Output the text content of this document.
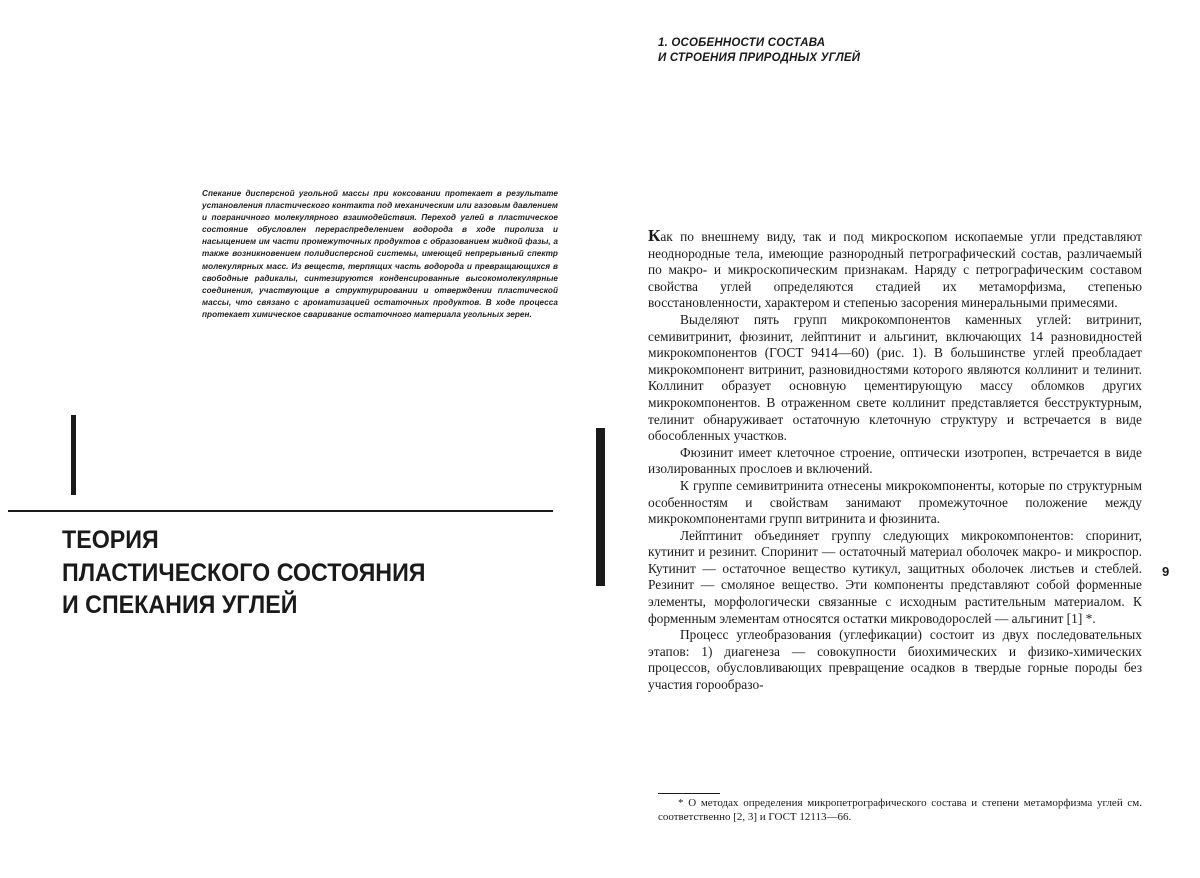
Спекание дисперсной угольной массы при коксовании протекает в результате установления пластического контакта под механическим или газовым давлением и пограничного молекулярного взаимодействия. Переход углей в пластическое состояние обусловлен перераспределением водорода в ходе пиролиза и насыщением им части промежуточных продуктов с образованием жидкой фазы, а также возникновением полидисперсной системы, имеющей непрерывный спектр молекулярных масс. Из веществ, терпящих часть водорода и превращающихся в свободные радикалы, синтезируются конденсированные высокомолекулярные соединения, участвующие в структурировании и отверждении пластической массы, что связано с ароматизацией остаточных продуктов. В ходе процесса протекает химическое сваривание остаточного материала угольных зерен.

ТЕОРИЯ
ПЛАСТИЧЕСКОГО СОСТОЯНИЯ
И СПЕКАНИЯ УГЛЕЙ
1. ОСОБЕННОСТИ СОСТАВА
И СТРОЕНИЯ ПРИРОДНЫХ УГЛЕЙ

Как по внешнему виду, так и под микроскопом ископаемые угли представляют неоднородные тела, имеющие разнородный петрографический состав, различаемый по макро- и микроскопическим признакам. Наряду с петрографическим составом свойства углей определяются стадией их метаморфизма, степенью восстановленности, характером и степенью засорения минеральными примесями.

Выделяют пять групп микрокомпонентов каменных углей: витринит, семивитринит, фюзинит, лейптинит и альгинит, включающих 14 разновидностей микрокомпонентов (ГОСТ 9414—60) (рис. 1). В большинстве углей преобладает микрокомпонент витринит, разновидностями которого являются коллинит и телинит. Коллинит образует основную цементирующую массу обломков других микрокомпонентов. В отраженном свете коллинит представляется бесструктурным, телинит обнаруживает остаточную клеточную структуру и встречается в виде обособленных участков.

Фюзинит имеет клеточное строение, оптически изотропен, встречается в виде изолированных прослоев и включений.

К группе семивитринита отнесены микрокомпоненты, которые по структурным особенностям и свойствам занимают промежуточное положение между микрокомпонентами групп витринита и фюзинита.

Лейптинит объединяет группу следующих микрокомпонентов: споринит, кутинит и резинит. Споринит — остаточный материал оболочек макро- и микроспор. Кутинит — остаточное вещество кутикул, защитных оболочек листьев и стеблей. Резинит — смоляное вещество. Эти компоненты представляют собой форменные элементы, морфологически связанные с исходным растительным материалом. К форменным элементам относятся остатки микроводорослей — альгинит [1] *.

Процесс углеобразования (углефикации) состоит из двух последовательных этапов: 1) диагенеза — совокупности биохимических и физико-химических процессов, обусловливающих превращение осадков в твердые горные породы без участия горообразо-

9

* О методах определения микропетрографического состава и степени метаморфизма углей см. соответственно [2, 3] и ГОСТ 12113—66.
